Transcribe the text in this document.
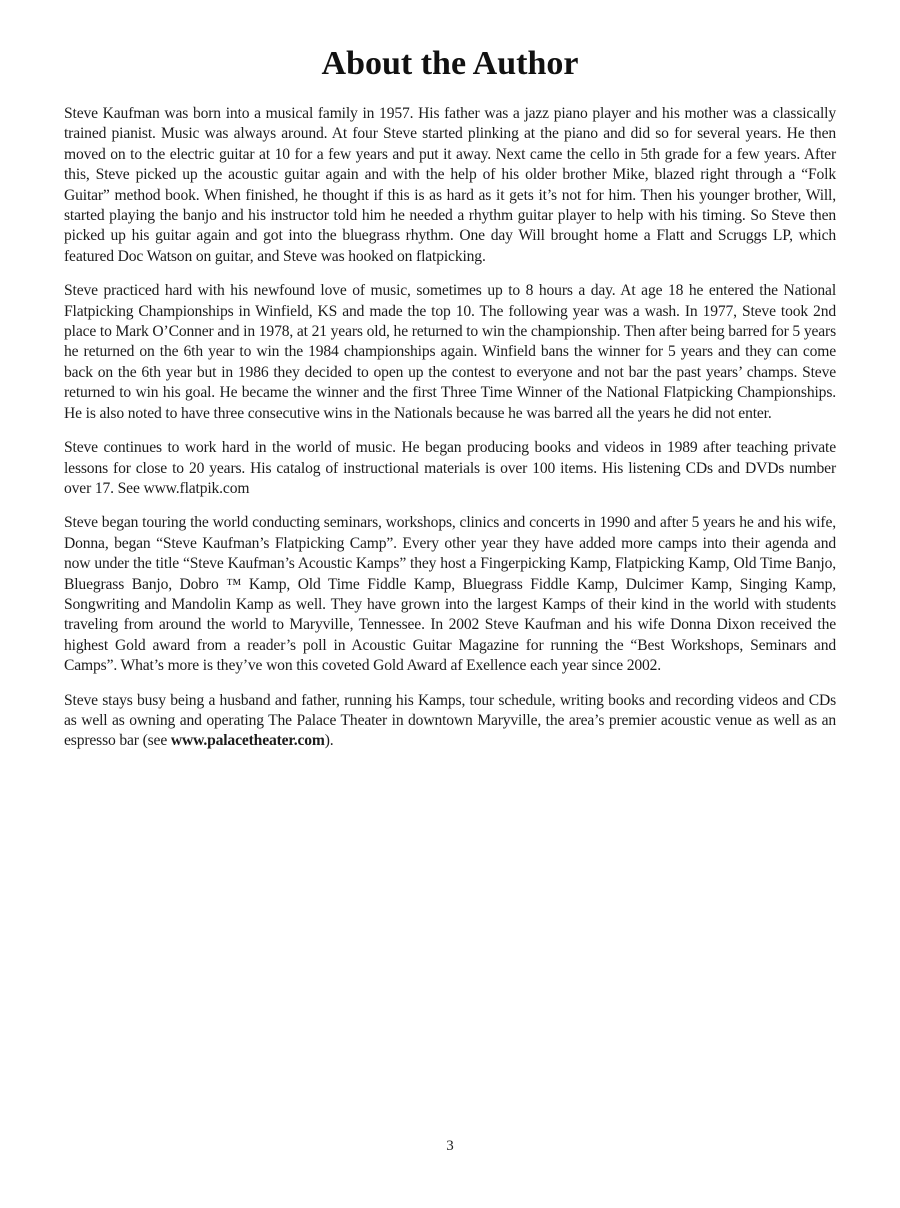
About the Author

Steve Kaufman was born into a musical family in 1957. His father was a jazz piano player and his mother was a classically trained pianist. Music was always around. At four Steve started plinking at the piano and did so for several years. He then moved on to the electric guitar at 10 for a few years and put it away. Next came the cello in 5th grade for a few years. After this, Steve picked up the acoustic guitar again and with the help of his older brother Mike, blazed right through a “Folk Guitar” method book. When finished, he thought if this is as hard as it gets it’s not for him. Then his younger brother, Will, started playing the banjo and his instructor told him he needed a rhythm guitar player to help with his timing. So Steve then picked up his guitar again and got into the bluegrass rhythm. One day Will brought home a Flatt and Scruggs LP, which featured Doc Watson on guitar, and Steve was hooked on flatpicking.

Steve practiced hard with his newfound love of music, sometimes up to 8 hours a day. At age 18 he entered the National Flatpicking Championships in Winfield, KS and made the top 10. The following year was a wash. In 1977, Steve took 2nd place to Mark O’Conner and in 1978, at 21 years old, he returned to win the championship. Then after being barred for 5 years he returned on the 6th year to win the 1984 championships again. Winfield bans the winner for 5 years and they can come back on the 6th year but in 1986 they decided to open up the contest to everyone and not bar the past years’ champs. Steve returned to win his goal. He became the winner and the first Three Time Winner of the National Flatpicking Championships. He is also noted to have three consecutive wins in the Nationals because he was barred all the years he did not enter.

Steve continues to work hard in the world of music. He began producing books and videos in 1989 after teaching private lessons for close to 20 years. His catalog of instructional materials is over 100 items. His listening CDs and DVDs number over 17. See www.flatpik.com

Steve began touring the world conducting seminars, workshops, clinics and concerts in 1990 and after 5 years he and his wife, Donna, began “Steve Kaufman’s Flatpicking Camp”. Every other year they have added more camps into their agenda and now under the title “Steve Kaufman’s Acoustic Kamps” they host a Fingerpicking Kamp, Flatpicking Kamp, Old Time Banjo, Bluegrass Banjo, Dobro ™ Kamp, Old Time Fiddle Kamp, Bluegrass Fiddle Kamp, Dulcimer Kamp, Singing Kamp, Songwriting and Mandolin Kamp as well. They have grown into the largest Kamps of their kind in the world with students traveling from around the world to Maryville, Tennessee. In 2002 Steve Kaufman and his wife Donna Dixon received the highest Gold award from a reader’s poll in Acoustic Guitar Magazine for running the “Best Workshops, Seminars and Camps”. What’s more is they’ve won this coveted Gold Award af Exellence each year since 2002.

Steve stays busy being a husband and father, running his Kamps, tour schedule, writing books and recording videos and CDs as well as owning and operating The Palace Theater in downtown Maryville, the area’s premier acoustic venue as well as an espresso bar (see www.palacetheater.com).

3
